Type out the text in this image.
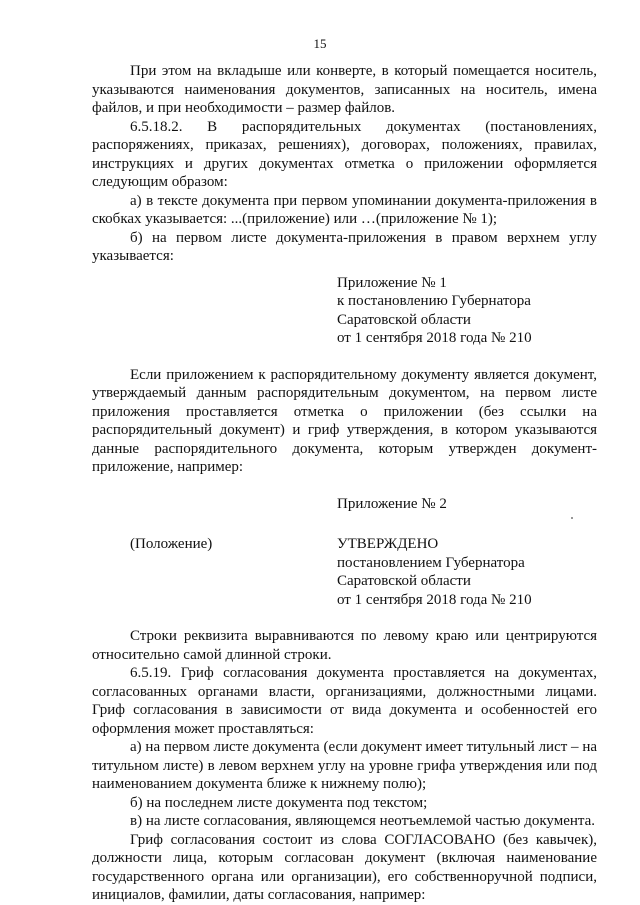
15

При этом на вкладыше или конверте, в который помещается носитель, указываются наименования документов, записанных на носитель, имена файлов, и при необходимости – размер файлов.

6.5.18.2. В распорядительных документах (постановлениях, распоряжениях, приказах, решениях), договорах, положениях, правилах, инструкциях и других документах отметка о приложении оформляется следующим образом:

а) в тексте документа при первом упоминании документа-приложения в скобках указывается: ...(приложение) или …(приложение № 1);

б) на первом листе документа-приложения в правом верхнем углу указывается:

Приложение № 1
к постановлению Губернатора
Саратовской области
от 1 сентября 2018 года № 210

Если приложением к распорядительному документу является документ, утверждаемый данным распорядительным документом, на первом листе приложения проставляется отметка о приложении (без ссылки на распорядительный документ) и гриф утверждения, в котором указываются данные распорядительного документа, которым утвержден документ-приложение, например:

Приложение № 2
(Положение)	УТВЕРЖДЕНО
постановлением Губернатора
Саратовской области
от 1 сентября 2018 года № 210

Строки реквизита выравниваются по левому краю или центрируются относительно самой длинной строки.

6.5.19. Гриф согласования документа проставляется на документах, согласованных органами власти, организациями, должностными лицами. Гриф согласования в зависимости от вида документа и особенностей его оформления может проставляться:

а) на первом листе документа (если документ имеет титульный лист – на титульном листе) в левом верхнем углу на уровне грифа утверждения или под наименованием документа ближе к нижнему полю);

б) на последнем листе документа под текстом;

в) на листе согласования, являющемся неотъемлемой частью документа.

Гриф согласования состоит из слова СОГЛАСОВАНО (без кавычек), должности лица, которым согласован документ (включая наименование государственного органа или организации), его собственноручной подписи, инициалов, фамилии, даты согласования, например:
